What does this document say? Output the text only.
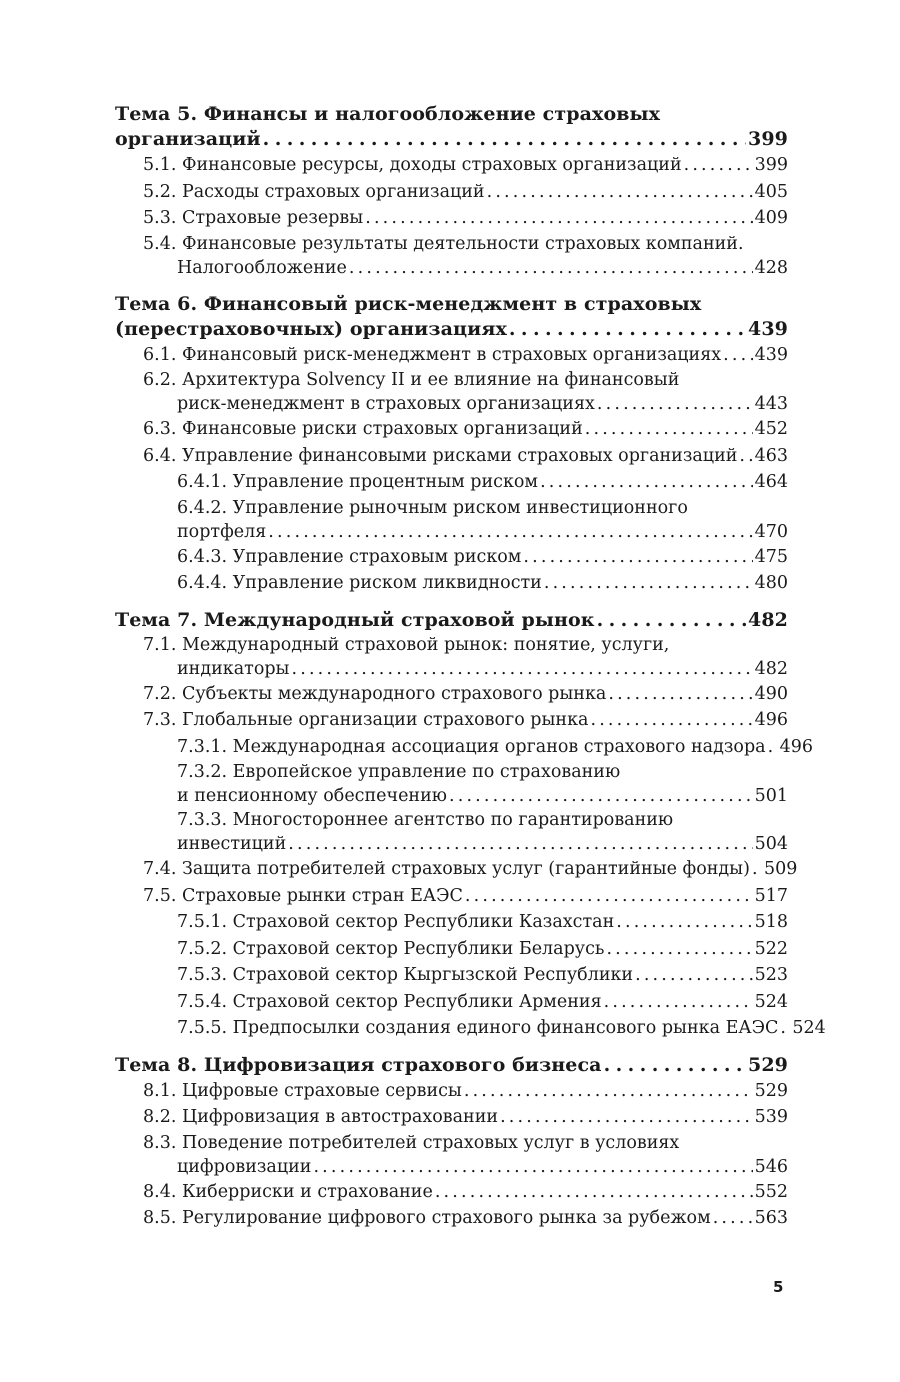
Тема 5. Финансы и налогообложение страховых
организаций . . .	399
5.1. Финансовые ресурсы, доходы страховых организаций . . .	399
5.2. Расходы страховых организаций . . .	405
5.3. Страховые резервы . . .	409
5.4. Финансовые результаты деятельности страховых компаний.
Налогообложение . . .	428
Тема 6. Финансовый риск-менеджмент в страховых
(перестраховочных) организациях . . .	439
6.1. Финансовый риск-менеджмент в страховых организациях . . . 439
6.2. Архитектура Solvency II и ее влияние на финансовый
риск-менеджмент в страховых организациях . . .	443
6.3. Финансовые риски страховых организаций . . .	452
6.4. Управление финансовыми рисками страховых организаций . . . 463
6.4.1. Управление процентным риском . . .	464
6.4.2. Управление рыночным риском инвестиционного
портфеля . . .	470
6.4.3. Управление страховым риском . . .	475
6.4.4. Управление риском ликвидности . . .	480
Тема 7. Международный страховой рынок . . .	482
7.1. Международный страховой рынок: понятие, услуги,
индикаторы . . .	482
7.2. Субъекты международного страхового рынка . . .	490
7.3. Глобальные организации страхового рынка . . .	496
7.3.1. Международная ассоциация органов страхового надзора . . . 496
7.3.2. Европейское управление по страхованию
и пенсионному обеспечению . . .	501
7.3.3. Многостороннее агентство по гарантированию
инвестиций . . .	504
7.4. Защита потребителей страховых услуг (гарантийные фонды) . . . 509
7.5. Страховые рынки стран ЕАЭС . . .	517
7.5.1. Страховой сектор Республики Казахстан . . .	518
7.5.2. Страховой сектор Республики Беларусь . . .	522
7.5.3. Страховой сектор Кыргызской Республики . . .	523
7.5.4. Страховой сектор Республики Армения . . .	524
7.5.5. Предпосылки создания единого финансового рынка ЕАЭС . . . 524
Тема 8. Цифровизация страхового бизнеса . . .	529
8.1. Цифровые страховые сервисы . . .	529
8.2. Цифровизация в автостраховании . . .	539
8.3. Поведение потребителей страховых услуг в условиях
цифровизации . . .	546
8.4. Киберриски и страхование . . .	552
8.5. Регулирование цифрового страхового рынка за рубежом . . .	563
5
